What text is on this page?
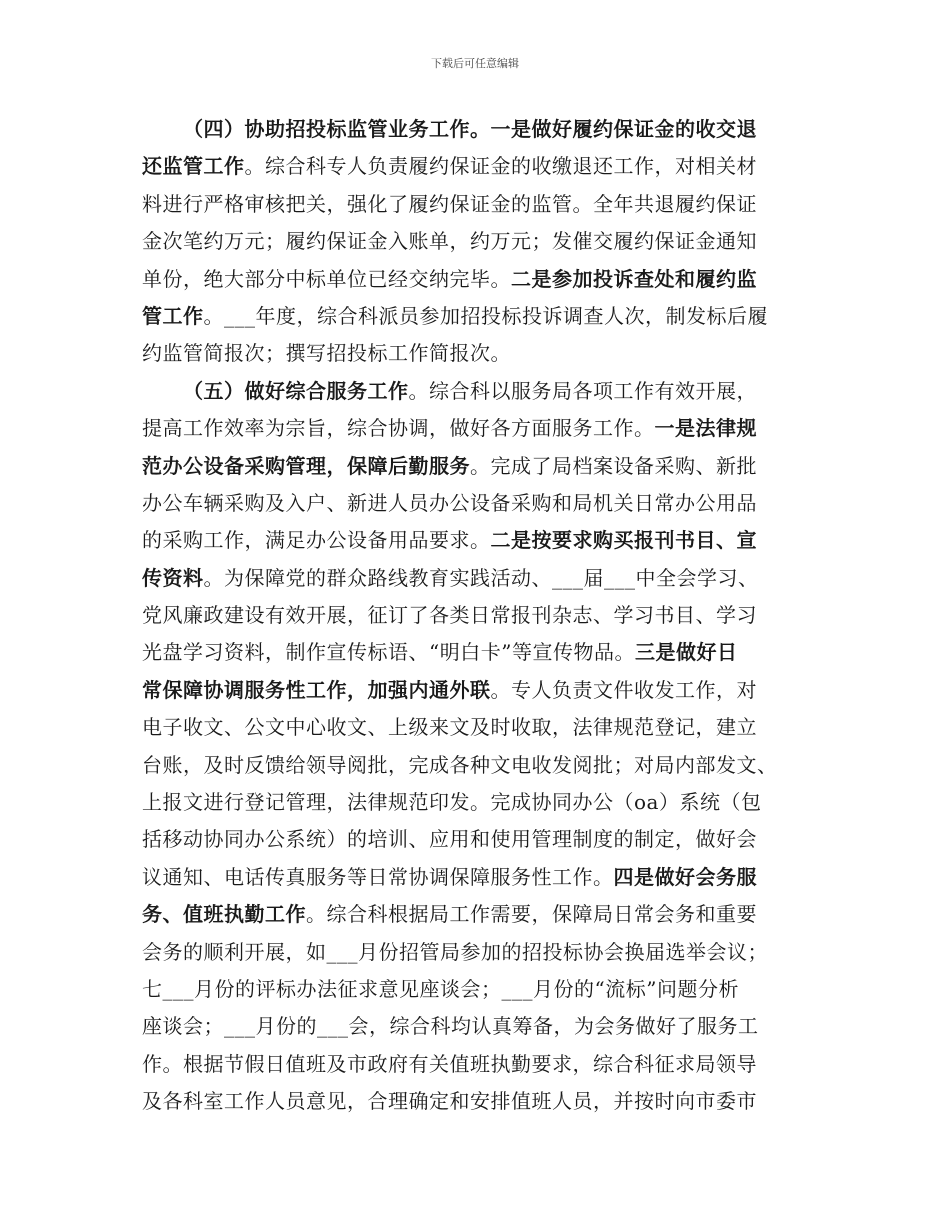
下载后可任意编辑
（四）协助招投标监管业务工作。一是做好履约保证金的收交退
还监管工作。综合科专人负责履约保证金的收缴退还工作，对相关材
料进行严格审核把关，强化了履约保证金的监管。全年共退履约保证
金次笔约万元；履约保证金入账单，约万元；发催交履约保证金通知
单份，绝大部分中标单位已经交纳完毕。二是参加投诉查处和履约监
管工作。___年度，综合科派员参加招投标投诉调查人次，制发标后履
约监管简报次；撰写招投标工作简报次。
（五）做好综合服务工作。综合科以服务局各项工作有效开展，
提高工作效率为宗旨，综合协调，做好各方面服务工作。一是法律规
范办公设备采购管理，保障后勤服务。完成了局档案设备采购、新批
办公车辆采购及入户、新进人员办公设备采购和局机关日常办公用品
的采购工作，满足办公设备用品要求。二是按要求购买报刊书目、宣
传资料。为保障党的群众路线教育实践活动、___届___中全会学习、
党风廉政建设有效开展，征订了各类日常报刊杂志、学习书目、学习
光盘学习资料，制作宣传标语、“明白卡”等宣传物品。三是做好日
常保障协调服务性工作，加强内通外联。专人负责文件收发工作，对
电子收文、公文中心收文、上级来文及时收取，法律规范登记，建立
台账，及时反馈给领导阅批，完成各种文电收发阅批；对局内部发文、
上报文进行登记管理，法律规范印发。完成协同办公（oa）系统（包
括移动协同办公系统）的培训、应用和使用管理制度的制定，做好会
议通知、电话传真服务等日常协调保障服务性工作。四是做好会务服
务、值班执勤工作。综合科根据局工作需要，保障局日常会务和重要
会务的顺利开展，如___月份招管局参加的招投标协会换届选举会议；
七___月份的评标办法征求意见座谈会；___月份的“流标”问题分析
座谈会；___月份的___会，综合科均认真筹备，为会务做好了服务工
作。根据节假日值班及市政府有关值班执勤要求，综合科征求局领导
及各科室工作人员意见，合理确定和安排值班人员，并按时向市委市
